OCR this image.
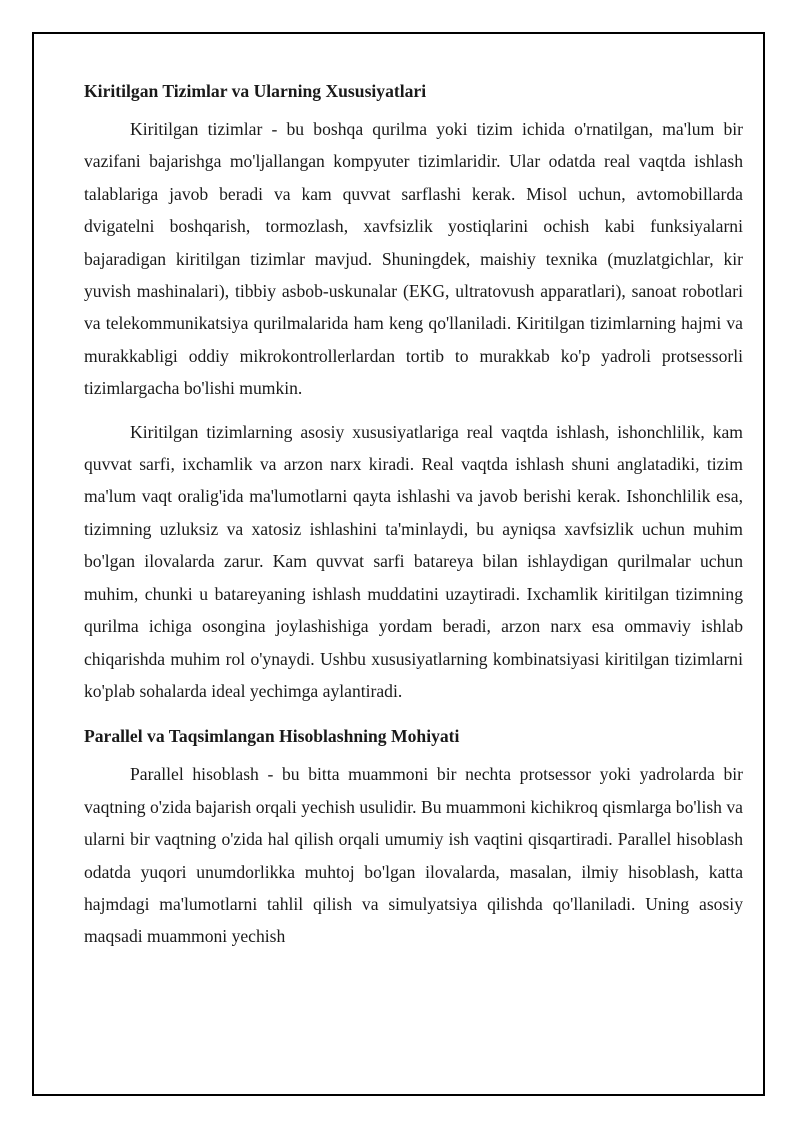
Kiritilgan Tizimlar va Ularning Xususiyatlari

Kiritilgan tizimlar - bu boshqa qurilma yoki tizim ichida o'rnatilgan, ma'lum bir vazifani bajarishga mo'ljallangan kompyuter tizimlaridir. Ular odatda real vaqtda ishlash talablariga javob beradi va kam quvvat sarflashi kerak. Misol uchun, avtomobillarda dvigatelni boshqarish, tormozlash, xavfsizlik yostiqlarini ochish kabi funksiyalarni bajaradigan kiritilgan tizimlar mavjud. Shuningdek, maishiy texnika (muzlatgichlar, kir yuvish mashinalari), tibbiy asbob-uskunalar (EKG, ultratovush apparatlari), sanoat robotlari va telekommunikatsiya qurilmalarida ham keng qo'llaniladi. Kiritilgan tizimlarning hajmi va murakkabligi oddiy mikrokontrollerlardan tortib to murakkab ko'p yadroli protsessorli tizimlargacha bo'lishi mumkin.

Kiritilgan tizimlarning asosiy xususiyatlariga real vaqtda ishlash, ishonchlilik, kam quvvat sarfi, ixchamlik va arzon narx kiradi. Real vaqtda ishlash shuni anglatadiki, tizim ma'lum vaqt oralig'ida ma'lumotlarni qayta ishlashi va javob berishi kerak. Ishonchlilik esa, tizimning uzluksiz va xatosiz ishlashini ta'minlaydi, bu ayniqsa xavfsizlik uchun muhim bo'lgan ilovalarda zarur. Kam quvvat sarfi batareya bilan ishlaydigan qurilmalar uchun muhim, chunki u batareyaning ishlash muddatini uzaytiradi. Ixchamlik kiritilgan tizimning qurilma ichiga osongina joylashishiga yordam beradi, arzon narx esa ommaviy ishlab chiqarishda muhim rol o'ynaydi. Ushbu xususiyatlarning kombinatsiyasi kiritilgan tizimlarni ko'plab sohalarda ideal yechimga aylantiradi.

Parallel va Taqsimlangan Hisoblashning Mohiyati

Parallel hisoblash - bu bitta muammoni bir nechta protsessor yoki yadrolarda bir vaqtning o'zida bajarish orqali yechish usulidir. Bu muammoni kichikroq qismlarga bo'lish va ularni bir vaqtning o'zida hal qilish orqali umumiy ish vaqtini qisqartiradi. Parallel hisoblash odatda yuqori unumdorlikka muhtoj bo'lgan ilovalarda, masalan, ilmiy hisoblash, katta hajmdagi ma'lumotlarni tahlil qilish va simulyatsiya qilishda qo'llaniladi. Uning asosiy maqsadi muammoni yechish
